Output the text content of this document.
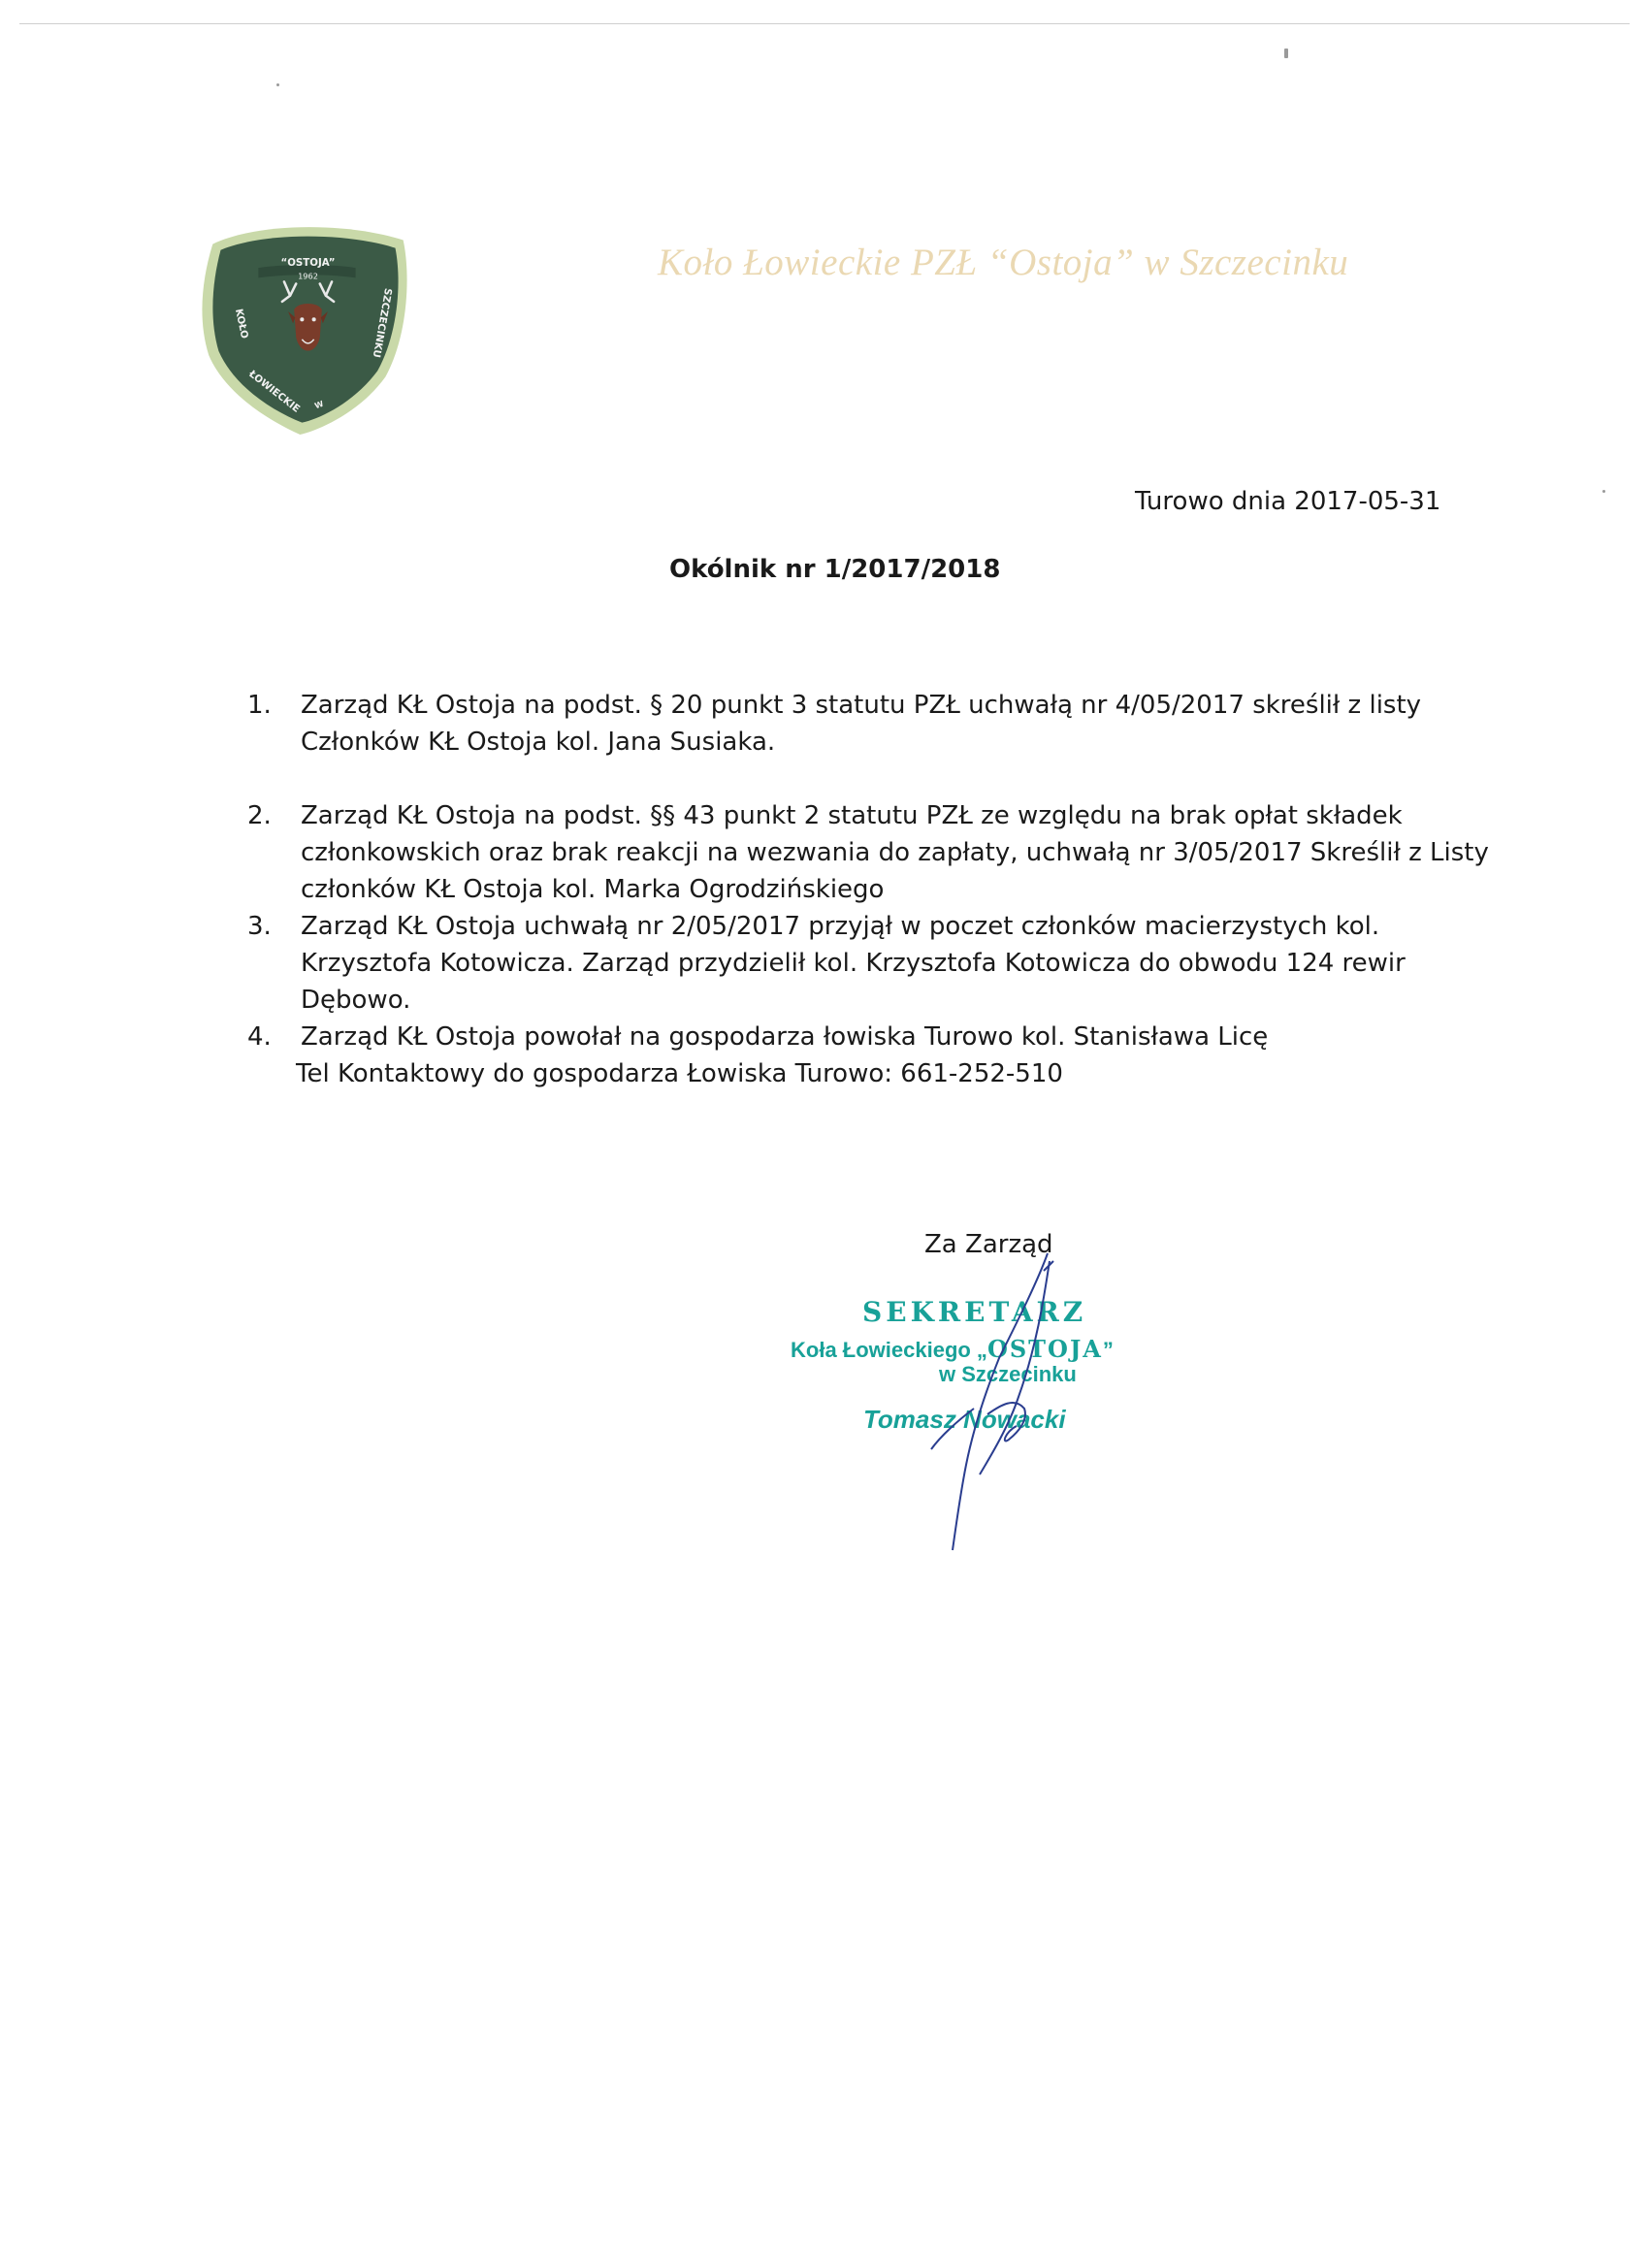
“OSTOJA”
1962
KOŁO
ŁOWIECKIE W
SZCZECINKU
Koło Łowieckie PZŁ “Ostoja” w Szczecinku
Turowo dnia 2017-05-31
Okólnik nr 1/2017/2018
1. Zarząd KŁ Ostoja na podst. § 20 punkt 3 statutu PZŁ uchwałą nr 4/05/2017 skreślił z listy
Członków KŁ Ostoja kol. Jana Susiaka.
2. Zarząd KŁ Ostoja na podst. §§ 43 punkt 2 statutu PZŁ ze względu na brak opłat składek
członkowskich oraz brak reakcji na wezwania do zapłaty, uchwałą nr 3/05/2017 Skreślił z Listy
członków KŁ Ostoja kol. Marka Ogrodzińskiego
3. Zarząd KŁ Ostoja uchwałą nr 2/05/2017 przyjął w poczet członków macierzystych kol.
Krzysztofa Kotowicza. Zarząd przydzielił kol. Krzysztofa Kotowicza do obwodu 124 rewir
Dębowo.
4. Zarząd KŁ Ostoja powołał na gospodarza łowiska Turowo kol. Stanisława Licę
Tel Kontaktowy do gospodarza Łowiska Turowo: 661-252-510
Za Zarząd
SEKRETARZ
Koła Łowieckiego „OSTOJA”
w Szczecinku
Tomasz Nowacki
